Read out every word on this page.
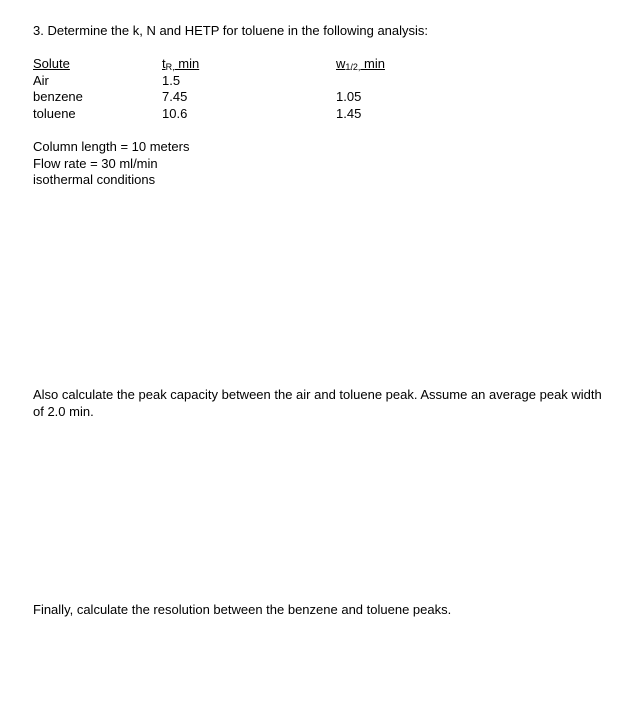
3. Determine the k, N and HETP for toluene in the following analysis:
Solute
Air
benzene
toluene
$t_{R,}$ min
1.5
7.45
10.6
$w_{1/2,}$ min
1.05
1.45
Column length = 10 meters
Flow rate = 30 ml/min
isothermal conditions
Also calculate the peak capacity between the air and toluene peak. Assume an average peak width of 2.0 min.
Finally, calculate the resolution between the benzene and toluene peaks.
